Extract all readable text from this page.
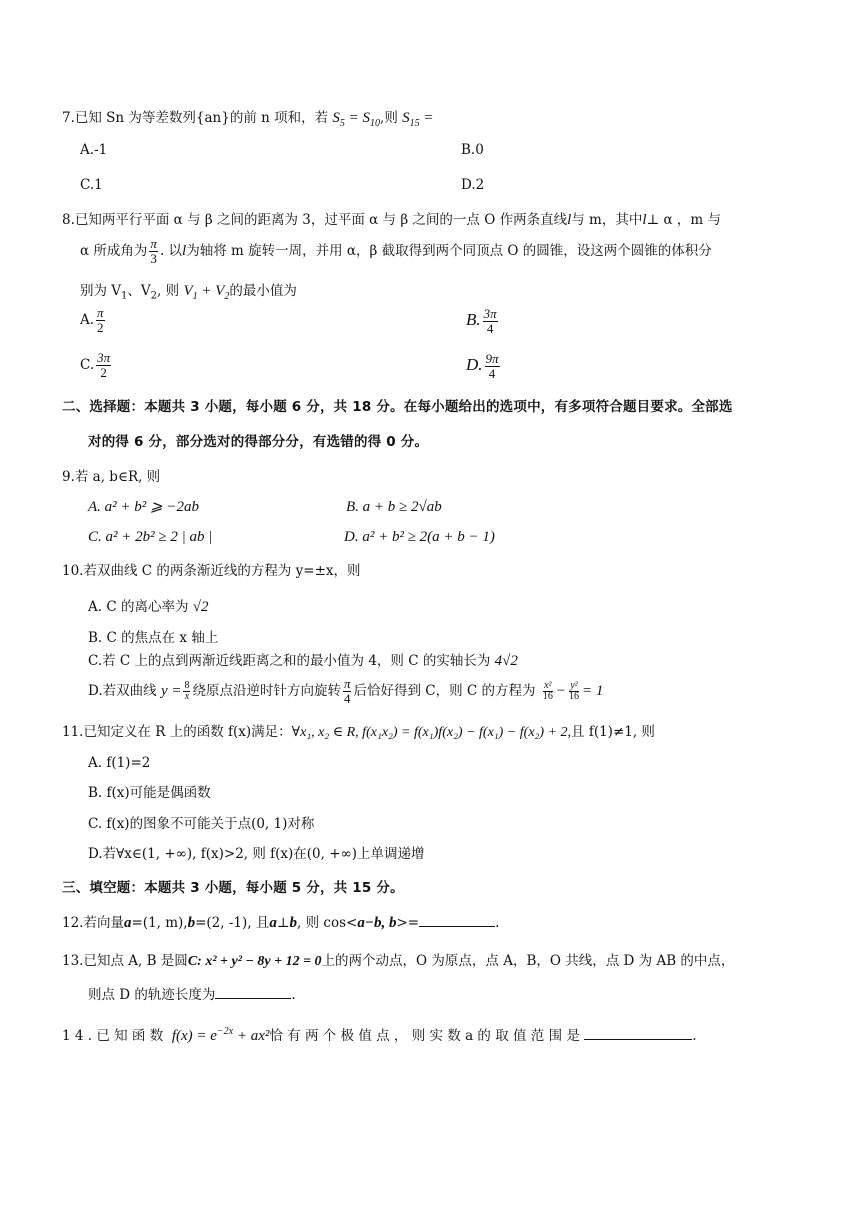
7.已知 Sn 为等差数列{an}的前 n 项和，若 $S_5 = S_{10}$,则 $S_{15}$ =
A.-1	B.0
C.1	D.2
8.已知两平行平面 α 与 β 之间的距离为 3，过平面 α 与 β 之间的一点 O 作两条直线l与 m，其中l⊥ α ，m 与
α 所成角为 $\frac{\pi}{3}$ . 以l为轴将 m 旋转一周，并用 α，β 截取得到两个同顶点 O 的圆锥，设这两个圆锥的体积分
别为 $V_1$、$V_2$, 则 $V_1 + V_2$的最小值为
A. $\frac{\pi}{2}$	B. $\frac{3\pi}{4}$
C. $\frac{3\pi}{2}$	D. $\frac{9\pi}{4}$
二、选择题：本题共 3 小题，每小题 6 分，共 18 分。在每小题给出的选项中，有多项符合题目要求。全部选
对的得 6 分，部分选对的得部分分，有选错的得 0 分。
9.若 a, b∈R, 则
A. a² + b² ⩾ −2ab	B. a + b ≥ 2√ab
C. a² + 2b² ≥ 2 | ab |	D. a² + b² ≥ 2(a + b − 1)
10.若双曲线 C 的两条渐近线的方程为 y=±x，则
A. C 的离心率为 √2
B. C 的焦点在 x 轴上
C.若 C 上的点到两渐近线距离之和的最小值为 4，则 C 的实轴长为 4√2
D.若双曲线 $y = \frac{8}{x}$ 绕原点沿逆时针方向旋转 $\frac{\pi}{4}$ 后恰好得到 C，则 C 的方程为 $\frac{\text{x²}}{16} - \frac{\text{y²}}{16} = 1$
11.已知定义在 R 上的函数 f(x)满足：∀x₁, x₂ ∈ R, f(x₁x₂) = f(x₁)f(x₂) − f(x₁) − f(x₂) + 2,且 f(1)≠1, 则
A. f(1)=2
B. f(x)可能是偶函数
C. f(x)的图象不可能关于点(0, 1)对称
D.若∀x∈(1, +∞), f(x)>2, 则 f(x)在(0, +∞)上单调递增
三、填空题：本题共 3 小题，每小题 5 分，共 15 分。
12.若向量a=(1, m),b=(2, -1), 且a⊥b, 则 cos<a−b, b>=	.
13.已知点 A, B 是圆C: x² + y² − 8y + 12 = 0上的两个动点，O 为原点，点 A，B，O 共线，点 D 为 AB 的中点，
则点 D 的轨迹长度为	.
1 4 . 已 知 函 数 $f(x) = e^{-2x} + ax^2$恰 有 两 个 极 值 点 ， 则 实 数 a 的 取 值 范 围 是	.
